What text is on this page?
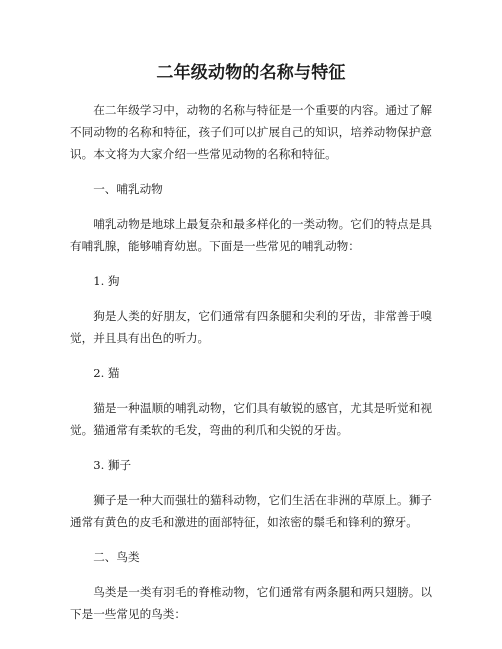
二年级动物的名称与特征

在二年级学习中，动物的名称与特征是一个重要的内容。通过了解不同动物的名称和特征，孩子们可以扩展自己的知识，培养动物保护意识。本文将为大家介绍一些常见动物的名称和特征。

一、哺乳动物

哺乳动物是地球上最复杂和最多样化的一类动物。它们的特点是具有哺乳腺，能够哺育幼崽。下面是一些常见的哺乳动物：

1. 狗

狗是人类的好朋友，它们通常有四条腿和尖利的牙齿，非常善于嗅觉，并且具有出色的听力。

2. 猫

猫是一种温顺的哺乳动物，它们具有敏锐的感官，尤其是听觉和视觉。猫通常有柔软的毛发，弯曲的利爪和尖锐的牙齿。

3. 狮子

狮子是一种大而强壮的猫科动物，它们生活在非洲的草原上。狮子通常有黄色的皮毛和激进的面部特征，如浓密的鬃毛和锋利的獠牙。

二、鸟类

鸟类是一类有羽毛的脊椎动物，它们通常有两条腿和两只翅膀。以下是一些常见的鸟类：
